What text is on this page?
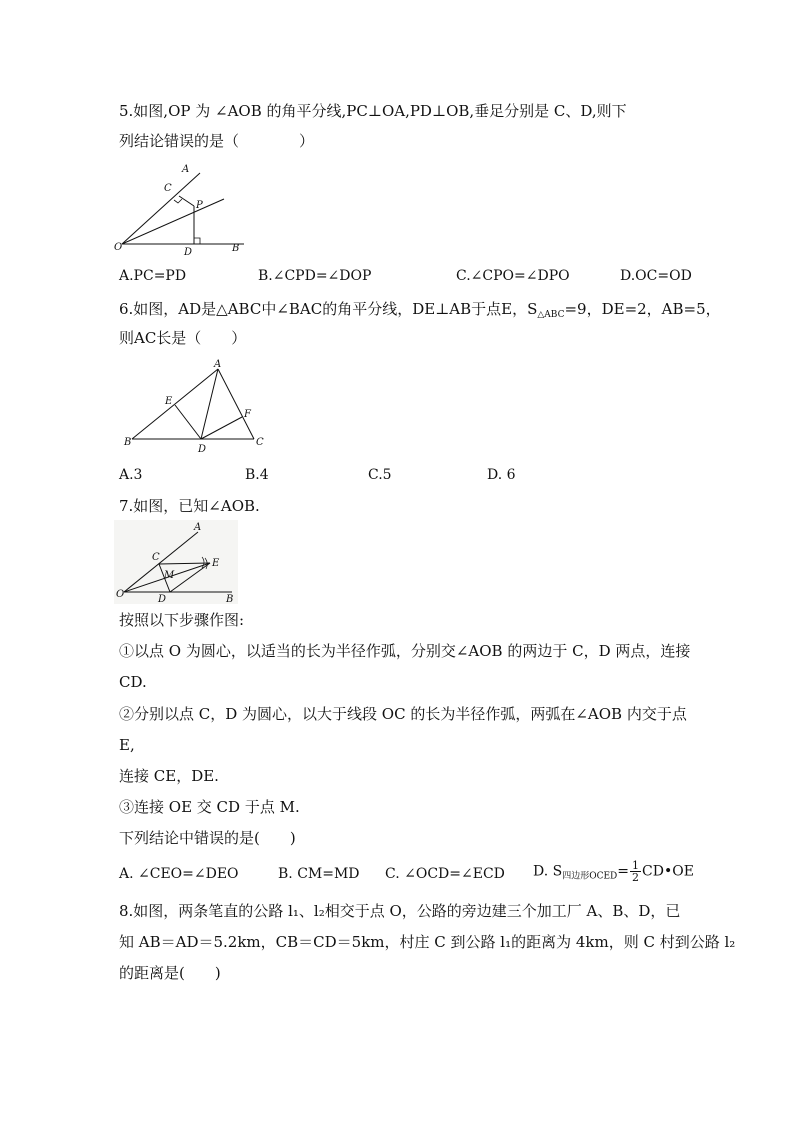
5.如图,OP 为 ∠AOB 的角平分线,PC⊥OA,PD⊥OB,垂足分别是 C、D,则下
列结论错误的是（　　　　）
A
C
P
O	D	B
A.PC=PD	B.∠CPD=∠DOP	C.∠CPO=∠DPO	D.OC=OD
6.如图，AD是△ABC中∠BAC的角平分线，DE⊥AB于点E，$S_{\triangle ABC}=9$，DE=2，AB=5，
则AC长是（　　）
A
E
F
B
D
C
A.3	B.4	C.5	D. 6
7.如图，已知∠AOB.
A
C
M
E
O	D	B
按照以下步骤作图:
①以点 O 为圆心，以适当的长为半径作弧，分别交∠AOB 的两边于 C，D 两点，连接
CD.
②分别以点 C，D 为圆心，以大于线段 OC 的长为半径作弧，两弧在∠AOB 内交于点
E,
连接 CE，DE.
③连接 OE 交 CD 于点 M.
下列结论中错误的是(　　)
A. ∠CEO=∠DEO	B. CM=MD C. ∠OCD=∠ECD D. $S_{四边形OCED}= \frac{1}{2}$ CD•OE
8.如图，两条笔直的公路 l₁、l₂相交于点 O，公路的旁边建三个加工厂 A、B、D，已
知 AB＝AD＝5.2km，CB＝CD＝5km，村庄 C 到公路 l₁的距离为 4km，则 C 村到公路 l₂
的距离是(　　)
